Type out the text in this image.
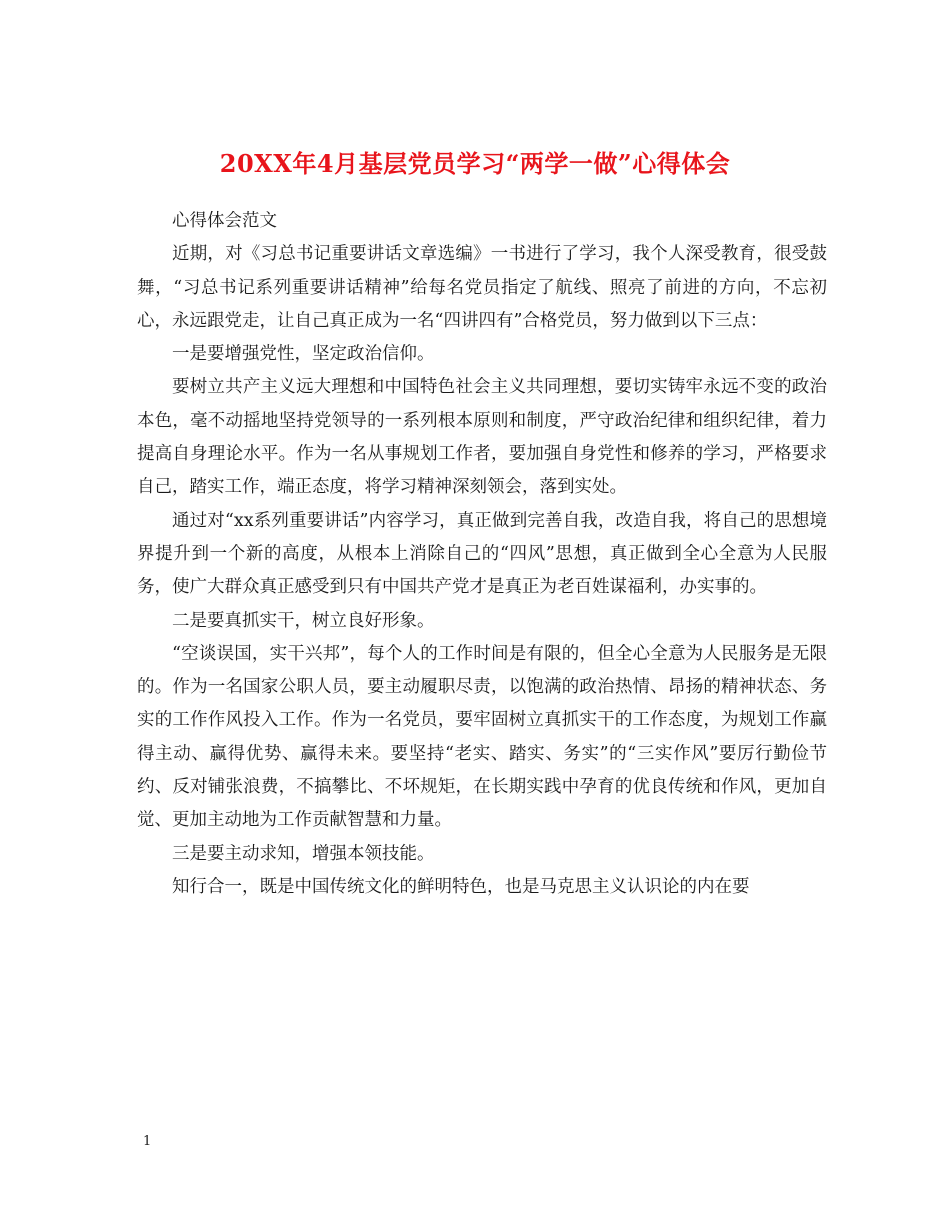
20XX年4月基层党员学习“两学一做”心得体会

心得体会范文

近期，对《习总书记重要讲话文章选编》一书进行了学习，我个人深受教育，很受鼓舞，“习总书记系列重要讲话精神”给每名党员指定了航线、照亮了前进的方向，不忘初心，永远跟党走，让自己真正成为一名“四讲四有”合格党员，努力做到以下三点：

一是要增强党性，坚定政治信仰。

要树立共产主义远大理想和中国特色社会主义共同理想，要切实铸牢永远不变的政治本色，毫不动摇地坚持党领导的一系列根本原则和制度，严守政治纪律和组织纪律，着力提高自身理论水平。作为一名从事规划工作者，要加强自身党性和修养的学习，严格要求自己，踏实工作，端正态度，将学习精神深刻领会，落到实处。

通过对“xx系列重要讲话”内容学习，真正做到完善自我，改造自我，将自己的思想境界提升到一个新的高度，从根本上消除自己的“四风”思想，真正做到全心全意为人民服务，使广大群众真正感受到只有中国共产党才是真正为老百姓谋福利，办实事的。

二是要真抓实干，树立良好形象。

“空谈误国，实干兴邦”，每个人的工作时间是有限的，但全心全意为人民服务是无限的。作为一名国家公职人员，要主动履职尽责，以饱满的政治热情、昂扬的精神状态、务实的工作作风投入工作。作为一名党员，要牢固树立真抓实干的工作态度，为规划工作赢得主动、赢得优势、赢得未来。要坚持“老实、踏实、务实”的“三实作风”要厉行勤俭节约、反对铺张浪费，不搞攀比、不坏规矩，在长期实践中孕育的优良传统和作风，更加自觉、更加主动地为工作贡献智慧和力量。

三是要主动求知，增强本领技能。

知行合一，既是中国传统文化的鲜明特色，也是马克思主义认识论的内在要

1
